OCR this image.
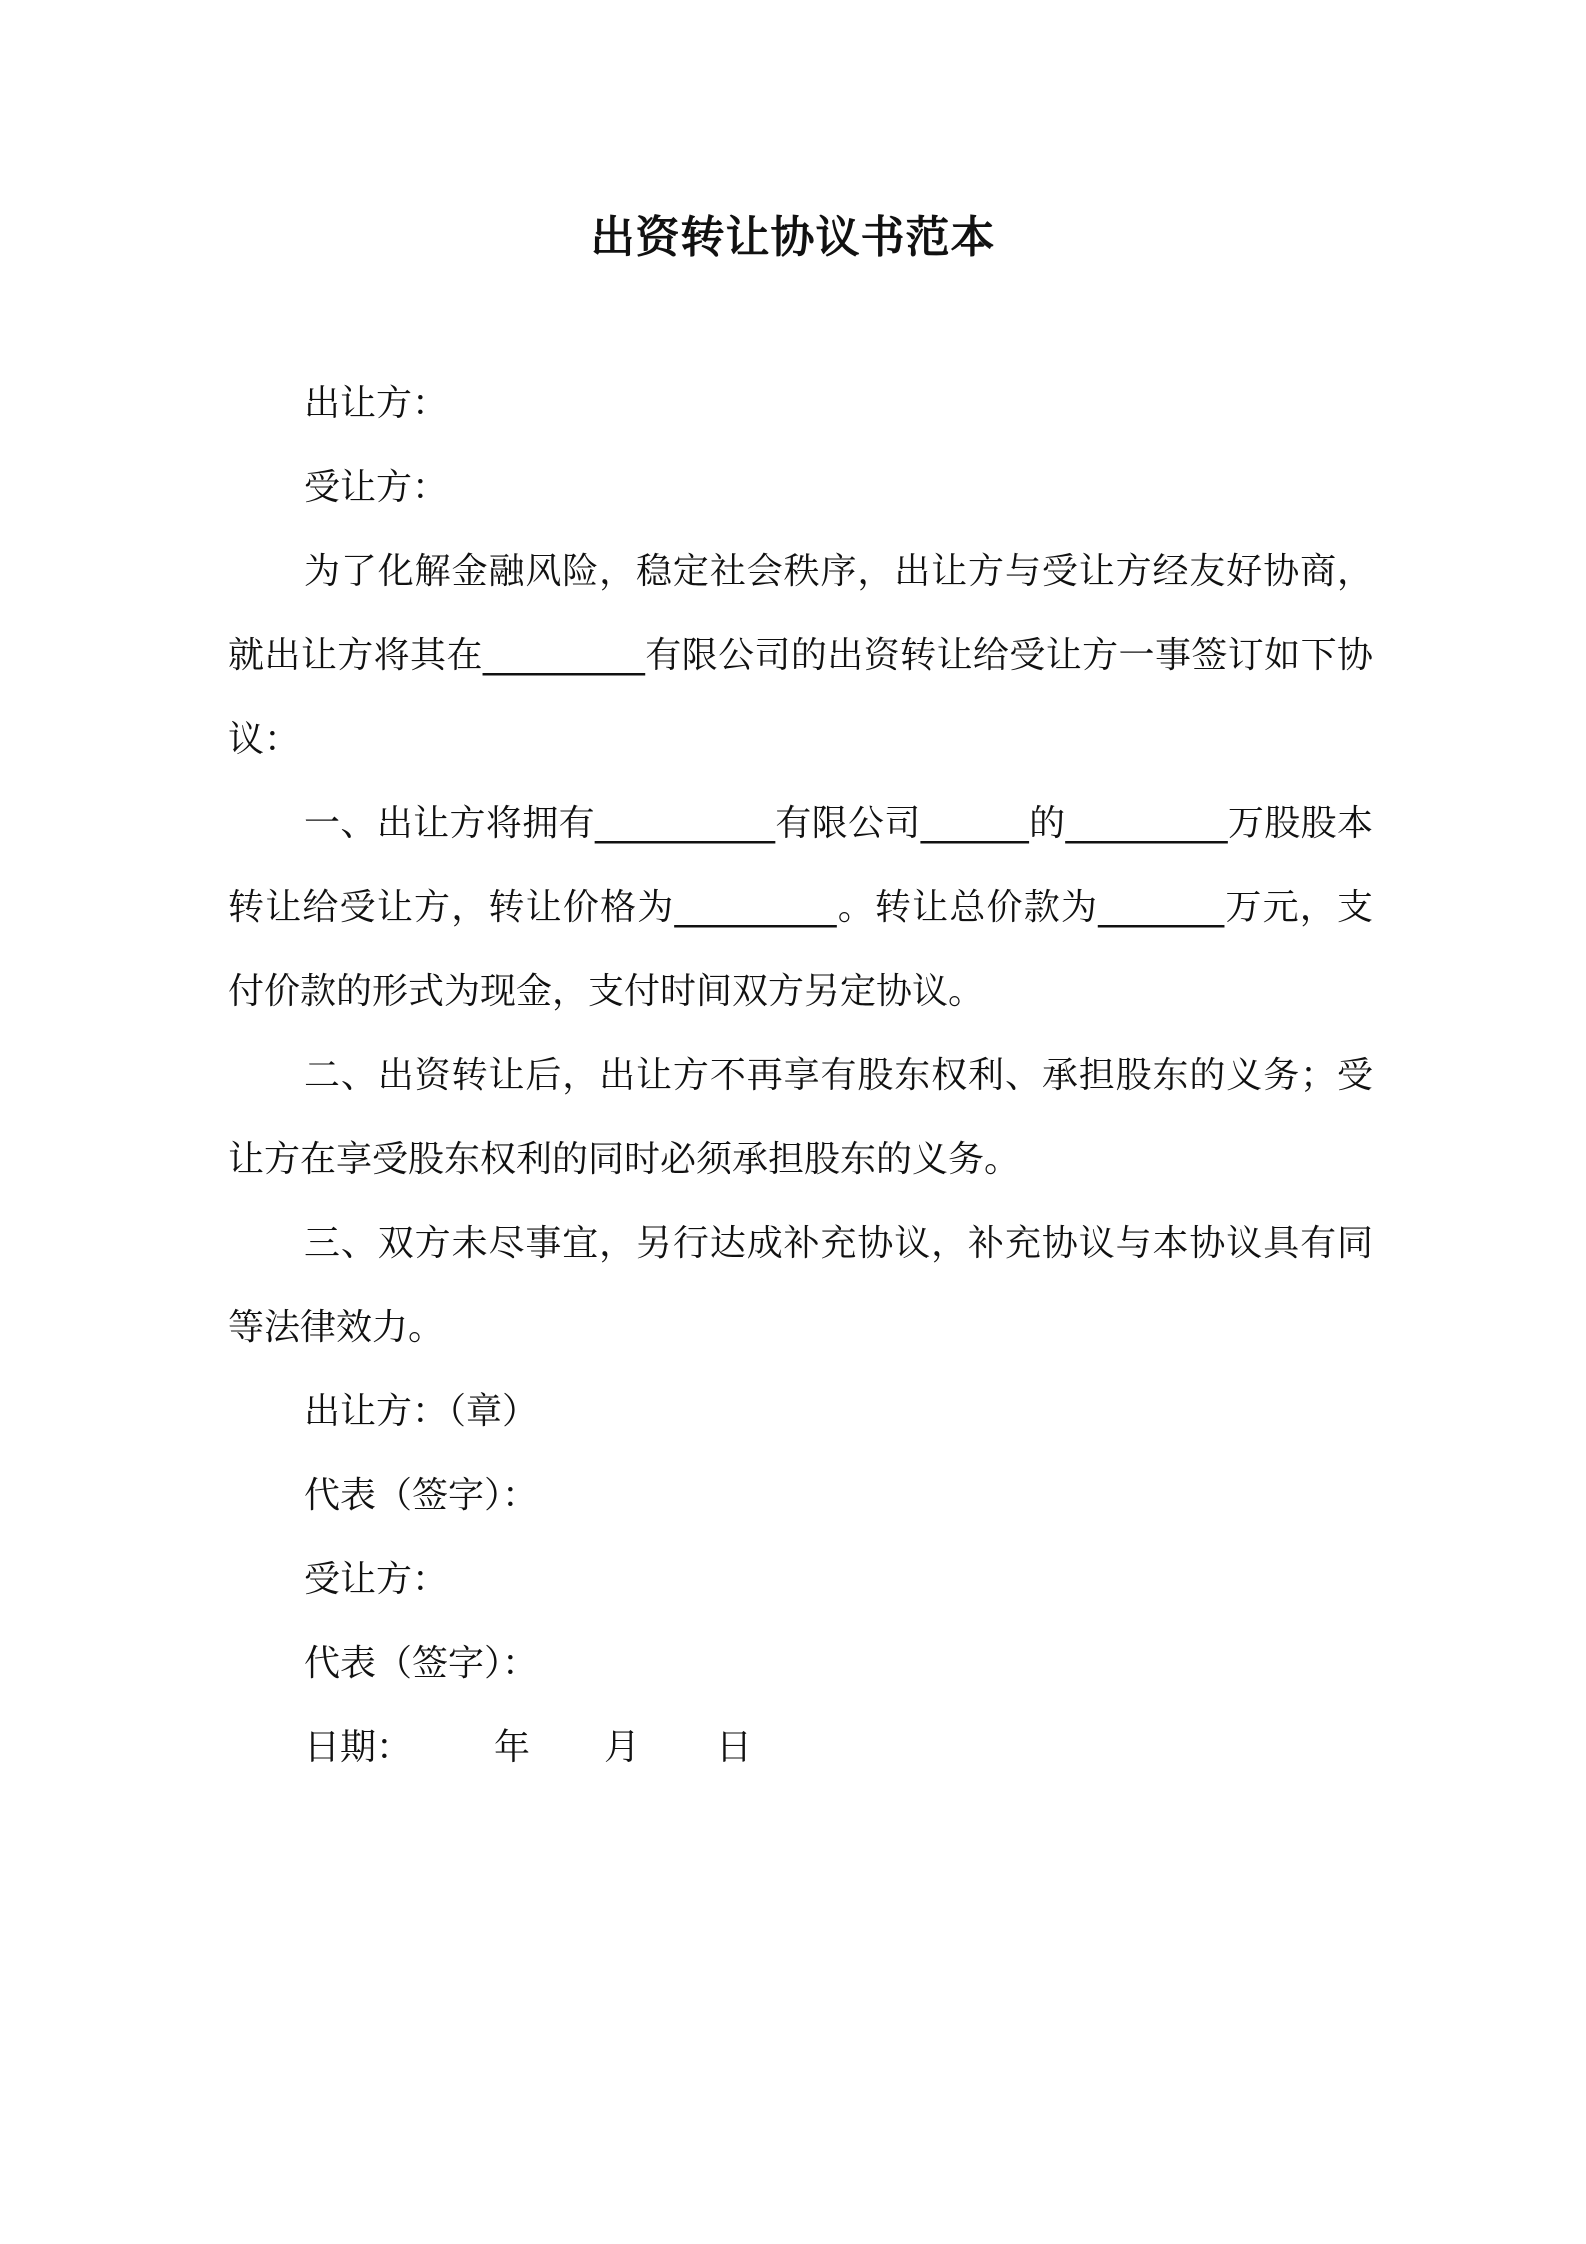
出资转让协议书范本

出让方：

受让方：

为了化解金融风险，稳定社会秩序，出让方与受让方经友好协商，就出让方将其在_________有限公司的出资转让给受让方一事签订如下协议：

一、出让方将拥有__________有限公司______的_________万股股本转让给受让方，转让价格为_________。转让总价款为_______万元，支付价款的形式为现金，支付时间双方另定协议。

二、出资转让后，出让方不再享有股东权利、承担股东的义务；受让方在享受股东权利的同时必须承担股东的义务。

三、双方未尽事宜，另行达成补充协议，补充协议与本协议具有同等法律效力。

出让方：（章）

代表（签字）：

受让方：

代表（签字）：

日期： 年 月 日
